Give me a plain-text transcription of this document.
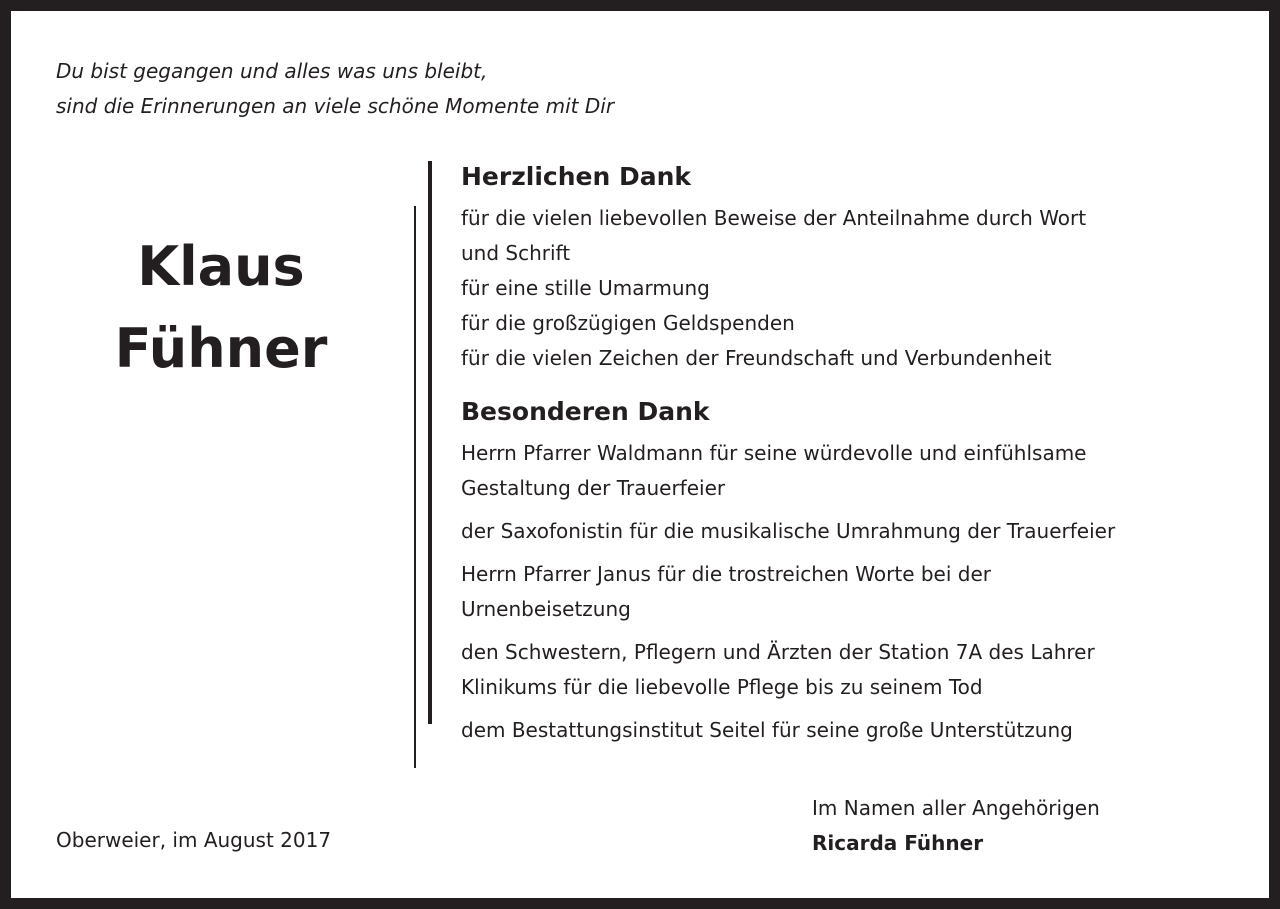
Du bist gegangen und alles was uns bleibt,
sind die Erinnerungen an viele schöne Momente mit Dir

Klaus
Fühner
Herzlichen Dank
für die vielen liebevollen Beweise der Anteilnahme durch Wort
und Schrift
für eine stille Umarmung
für die großzügigen Geldspenden
für die vielen Zeichen der Freundschaft und Verbundenheit
Besonderen Dank
Herrn Pfarrer Waldmann für seine würdevolle und einfühlsame
Gestaltung der Trauerfeier
der Saxofonistin für die musikalische Umrahmung der Trauerfeier
Herrn Pfarrer Janus für die trostreichen Worte bei der
Urnenbeisetzung
den Schwestern, Pflegern und Ärzten der Station 7A des Lahrer
Klinikums für die liebevolle Pflege bis zu seinem Tod
dem Bestattungsinstitut Seitel für seine große Unterstützung
Oberweier, im August 2017
Im Namen aller Angehörigen
Ricarda Fühner
